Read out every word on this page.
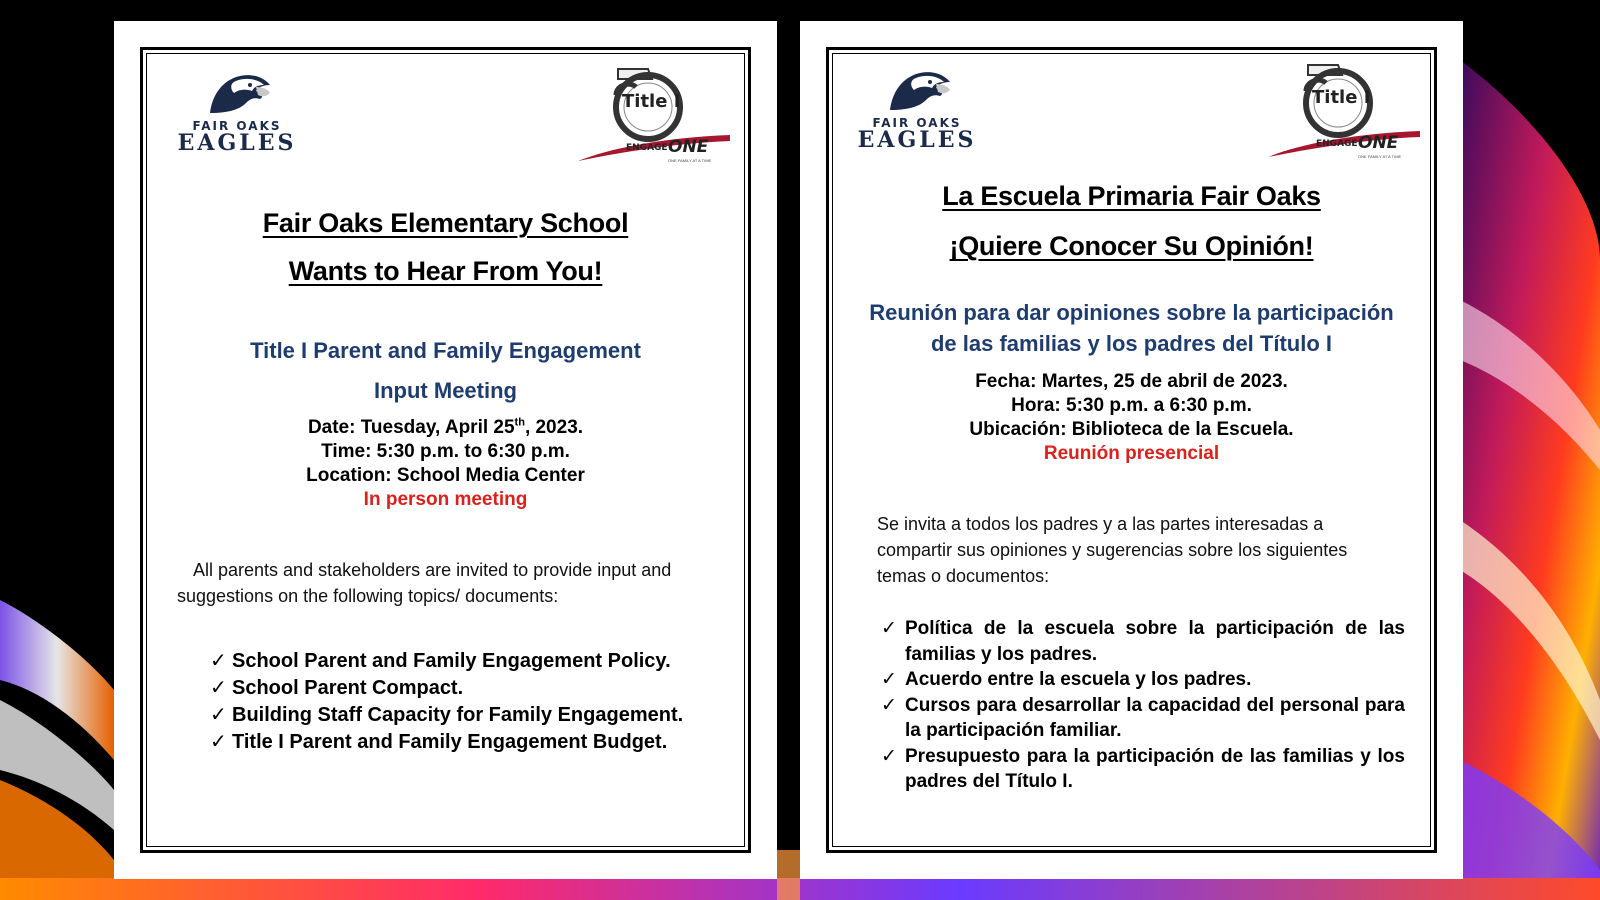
FAIR OAKS
EAGLES
Title I
ENGAGE ONE
ONE FAMILY AT A TIME
Fair Oaks Elementary School
Wants to Hear From You!
Title I Parent and Family Engagement
Input Meeting
Date: Tuesday, April 25th, 2023.
Time: 5:30 p.m. to 6:30 p.m.
Location: School Media Center
In person meeting
All parents and stakeholders are invited to provide input and suggestions on the following topics/ documents:
✓ School Parent and Family Engagement Policy.
✓ School Parent Compact.
✓ Building Staff Capacity for Family Engagement.
✓ Title I Parent and Family Engagement Budget.
FAIR OAKS
EAGLES
Title I
ENGAGE ONE
ONE FAMILY AT A TIME
La Escuela Primaria Fair Oaks
¡Quiere Conocer Su Opinión!
Reunión para dar opiniones sobre la participación
de las familias y los padres del Título I
Fecha: Martes, 25 de abril de 2023.
Hora: 5:30 p.m. a 6:30 p.m.
Ubicación: Biblioteca de la Escuela.
Reunión presencial
Se invita a todos los padres y a las partes interesadas a compartir sus opiniones y sugerencias sobre los siguientes temas o documentos:
✓ Política de la escuela sobre la participación de las familias y los padres.
✓ Acuerdo entre la escuela y los padres.
✓ Cursos para desarrollar la capacidad del personal para la participación familiar.
✓ Presupuesto para la participación de las familias y los padres del Título I.
